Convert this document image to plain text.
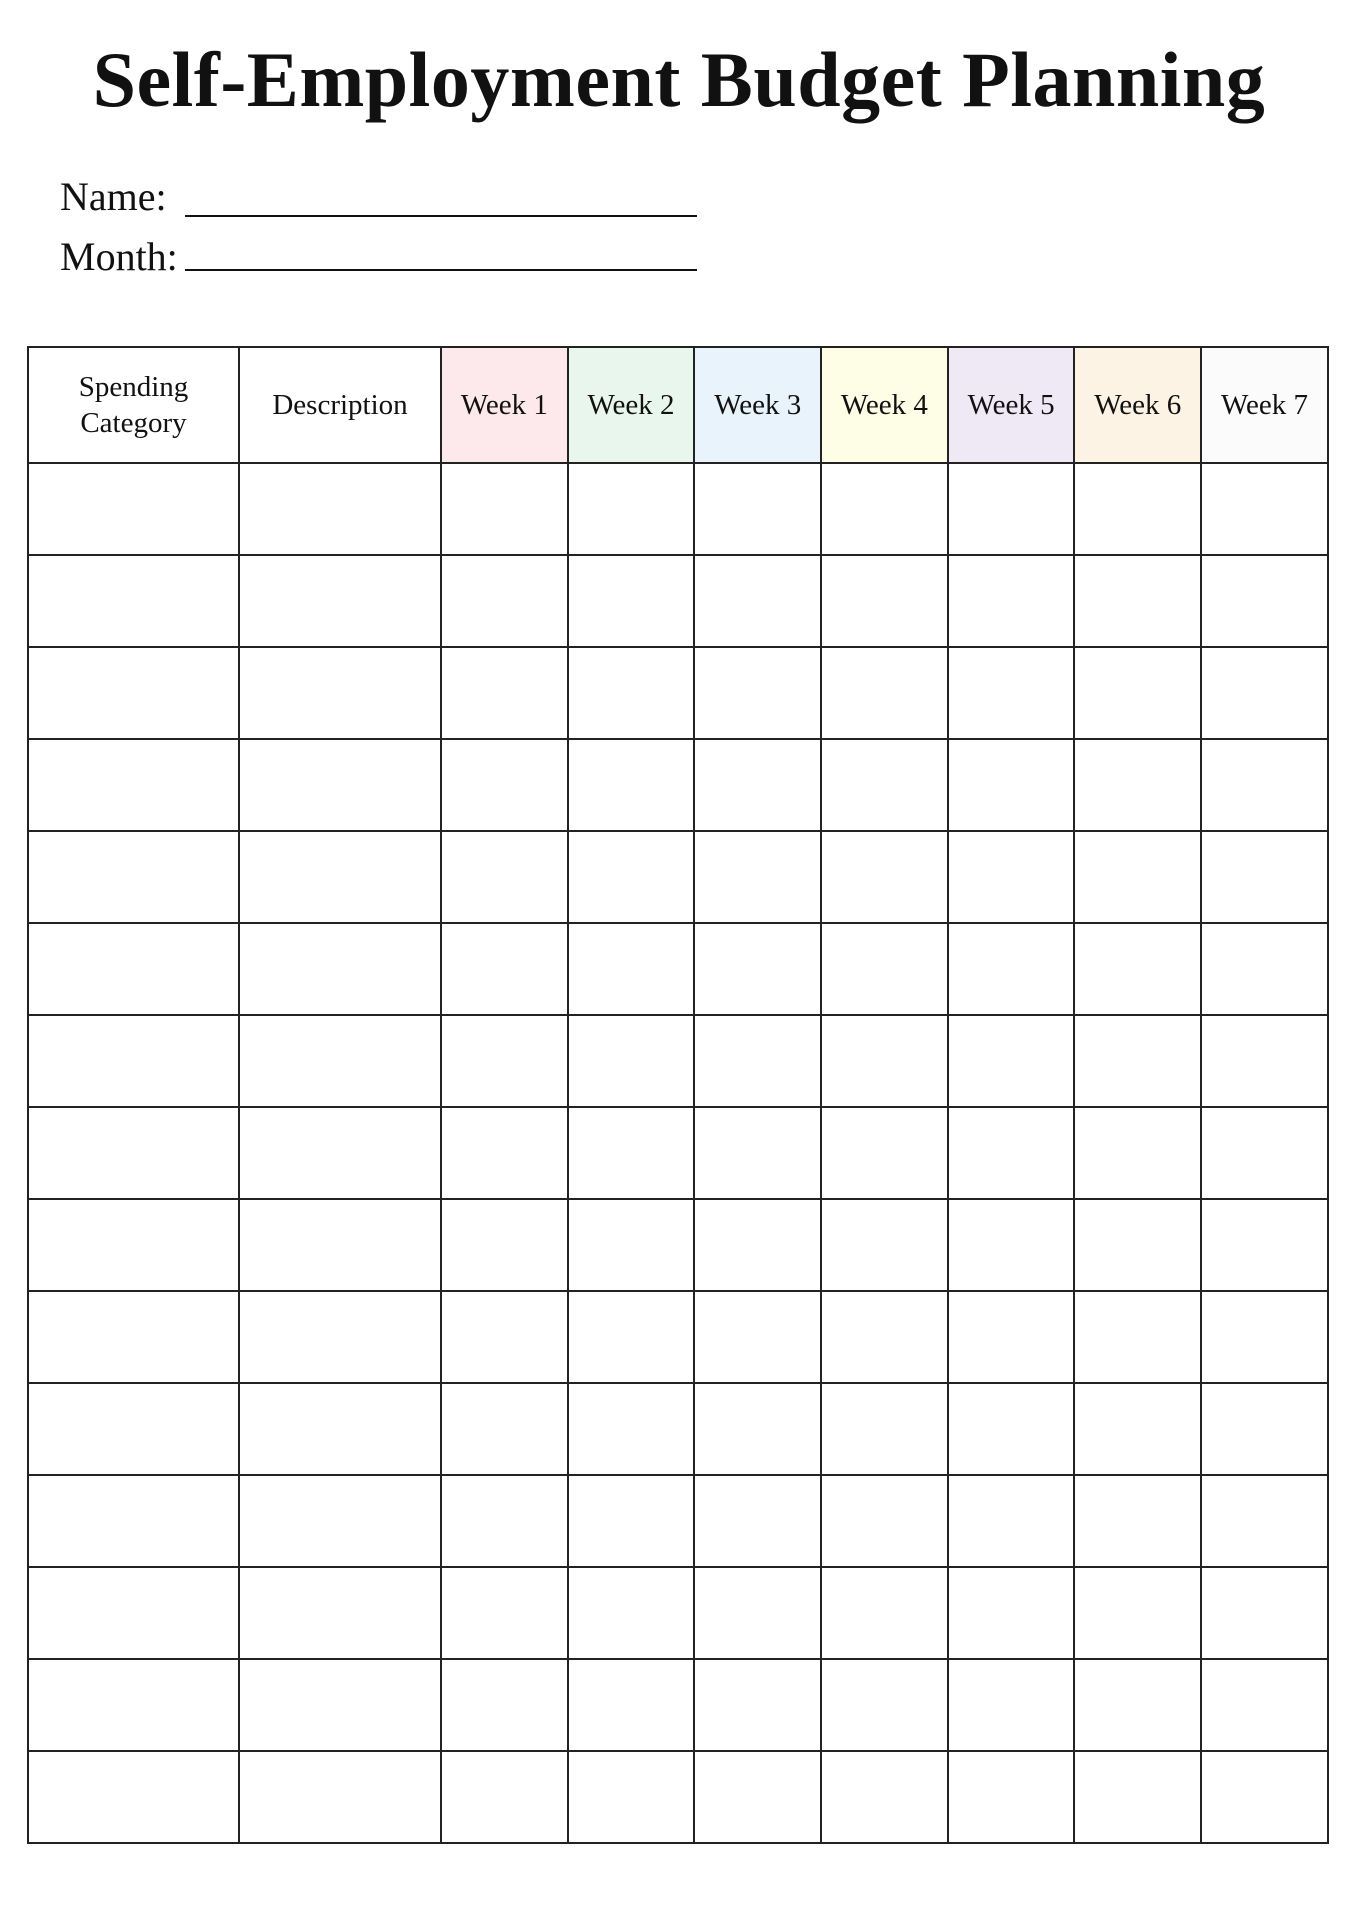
Self-Employment Budget Planning
Name:
Month:
Spending
Category	Description	Week 1	Week 2	Week 3	Week 4	Week 5	Week 6	Week 7
